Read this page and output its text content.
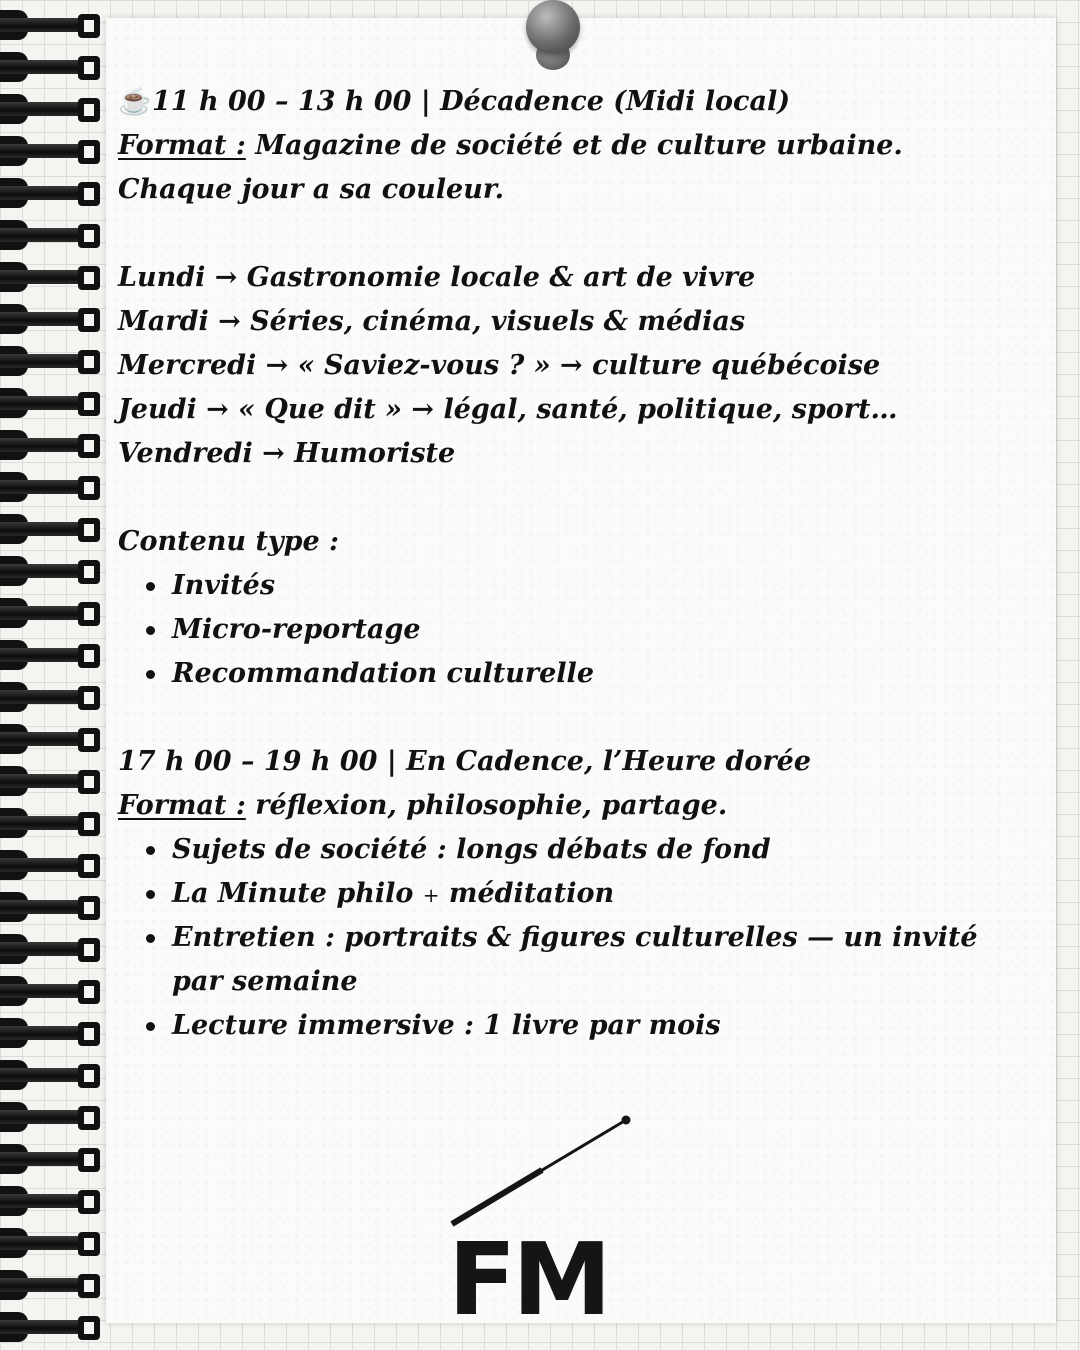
☕11 h 00 – 13 h 00 | Décadence (Midi local)
Format : Magazine de société et de culture urbaine.
Chaque jour a sa couleur.
Lundi → Gastronomie locale & art de vivre
Mardi → Séries, cinéma, visuels & médias
Mercredi → « Saviez-vous ? » → culture québécoise
Jeudi → « Que dit » → légal, santé, politique, sport…
Vendredi → Humoriste
Contenu type :
Invités
Micro-reportage
Recommandation culturelle
17 h 00 – 19 h 00 | En Cadence, l’Heure dorée
Format : réflexion, philosophie, partage.
Sujets de société : longs débats de fond
La Minute philo + méditation
Entretien : portraits & figures culturelles — un invité par semaine
Lecture immersive : 1 livre par mois
FM
